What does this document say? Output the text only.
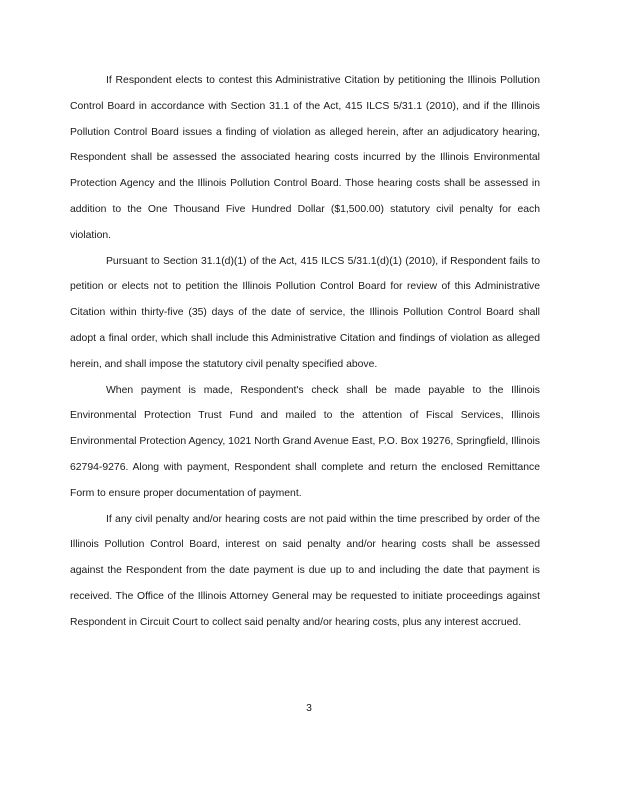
If Respondent elects to contest this Administrative Citation by petitioning the Illinois Pollution Control Board in accordance with Section 31.1 of the Act, 415 ILCS 5/31.1 (2010), and if the Illinois Pollution Control Board issues a finding of violation as alleged herein, after an adjudicatory hearing, Respondent shall be assessed the associated hearing costs incurred by the Illinois Environmental Protection Agency and the Illinois Pollution Control Board. Those hearing costs shall be assessed in addition to the One Thousand Five Hundred Dollar ($1,500.00) statutory civil penalty for each violation.

Pursuant to Section 31.1(d)(1) of the Act, 415 ILCS 5/31.1(d)(1) (2010), if Respondent fails to petition or elects not to petition the Illinois Pollution Control Board for review of this Administrative Citation within thirty-five (35) days of the date of service, the Illinois Pollution Control Board shall adopt a final order, which shall include this Administrative Citation and findings of violation as alleged herein, and shall impose the statutory civil penalty specified above.

When payment is made, Respondent's check shall be made payable to the Illinois Environmental Protection Trust Fund and mailed to the attention of Fiscal Services, Illinois Environmental Protection Agency, 1021 North Grand Avenue East, P.O. Box 19276, Springfield, Illinois 62794-9276. Along with payment, Respondent shall complete and return the enclosed Remittance Form to ensure proper documentation of payment.

If any civil penalty and/or hearing costs are not paid within the time prescribed by order of the Illinois Pollution Control Board, interest on said penalty and/or hearing costs shall be assessed against the Respondent from the date payment is due up to and including the date that payment is received. The Office of the Illinois Attorney General may be requested to initiate proceedings against Respondent in Circuit Court to collect said penalty and/or hearing costs, plus any interest accrued.

3
